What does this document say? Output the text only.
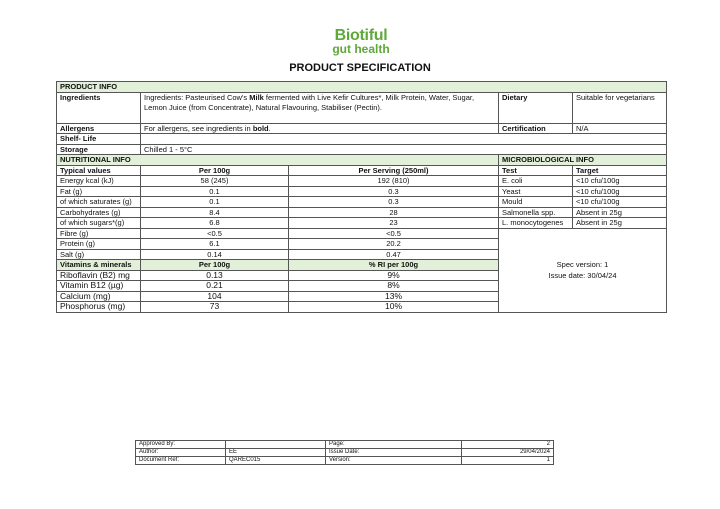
Biotiful
gut health
PRODUCT SPECIFICATION
PRODUCT INFO				
Ingredients	Ingredients: Pasteurised Cow's Milk fermented with Live Kefir Cultures*, Milk Protein, Water, Sugar, Lemon Juice (from Concentrate), Natural Flavouring, Stabiliser (Pectin).		Dietary	Suitable for vegetarians
Allergens	For allergens, see ingredients in bold.		Certification	N/A
Shelf- Life				
Storage	Chilled 1 - 5°C			
NUTRITIONAL INFO			MICROBIOLOGICAL INFO	
Typical values	Per 100g	Per Serving (250ml)	Test	Target
Energy kcal (kJ)	58 (245)	192 (810)	E. coli	<10 cfu/100g
Fat (g)	0.1	0.3	Yeast	<10 cfu/100g
of which saturates (g)	0.1	0.3	Mould	<10 cfu/100g
Carbohydrates (g)	8.4	28	Salmonella spp.	Absent in 25g
of which sugars*(g)	6.8	23	L. monocytogenes	Absent in 25g
Fibre (g)	<0.5	<0.5	Spec version: 1
Issue date: 30/04/24	

Protein (g)	6.1	20.2		
Salt (g)	0.14	0.47		
Vitamins & minerals	Per 100g	% RI per 100g		
Riboflavin (B2) mg	0.13	9%		
Vitamin B12 (µg)	0.21	8%		
Calcium (mg)	104	13%		
Phosphorus (mg)	73	10%		
Approved By:		Page:	2
Author:	EE	Issue Date:	29/04/2024
Document Ref:	QAREC015	Version:	1
